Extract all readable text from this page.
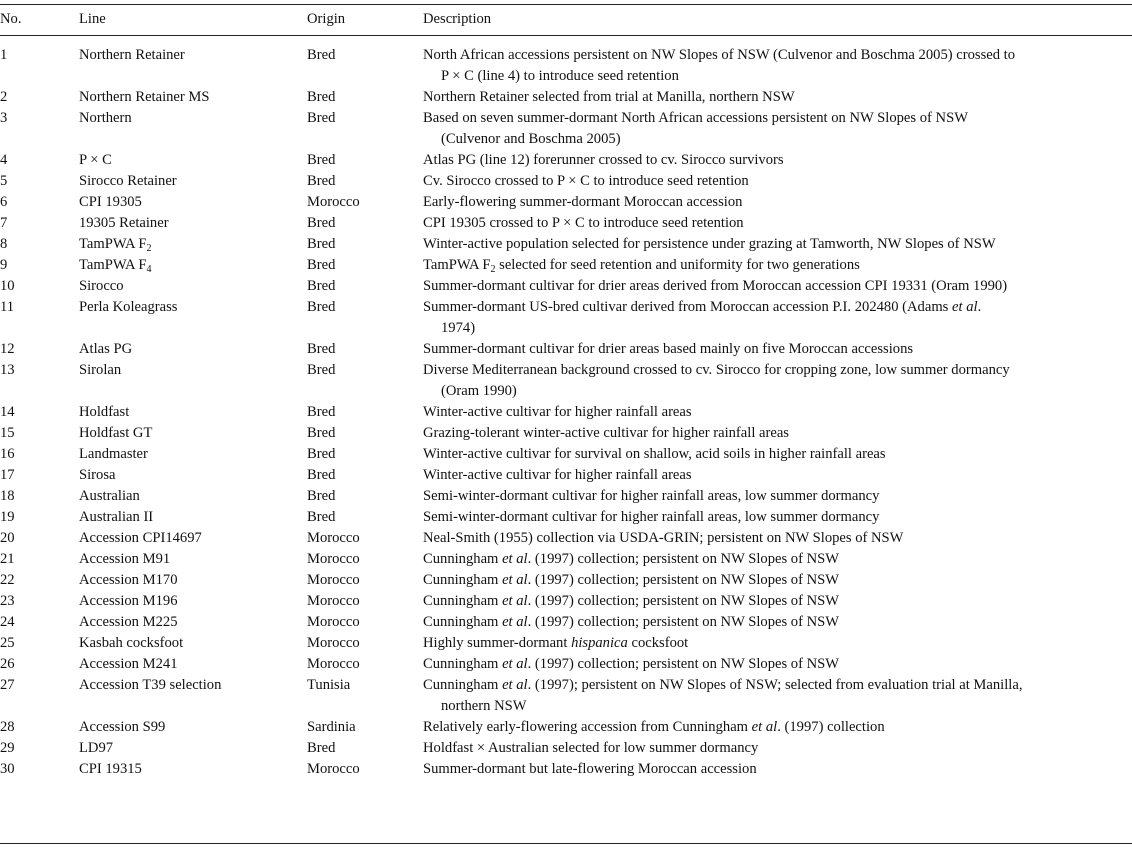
No.	Line	Origin	Description
1	Northern Retainer	Bred	North African accessions persistent on NW Slopes of NSW (Culvenor and Boschma 2005) crossed to
P × C (line 4) to introduce seed retention

2	Northern Retainer MS	Bred	Northern Retainer selected from trial at Manilla, northern NSW

3	Northern	Bred	Based on seven summer-dormant North African accessions persistent on NW Slopes of NSW
(Culvenor and Boschma 2005)

4	P × C	Bred	Atlas PG (line 12) forerunner crossed to cv. Sirocco survivors

5	Sirocco Retainer	Bred	Cv. Sirocco crossed to P × C to introduce seed retention

6	CPI 19305	Morocco	Early-flowering summer-dormant Moroccan accession

7	19305 Retainer	Bred	CPI 19305 crossed to P × C to introduce seed retention

8	TamPWA $F_2$	Bred	Winter-active population selected for persistence under grazing at Tamworth, NW Slopes of NSW

9	TamPWA $F_4$	Bred	TamPWA $F_2$ selected for seed retention and uniformity for two generations

10	Sirocco	Bred	Summer-dormant cultivar for drier areas derived from Moroccan accession CPI 19331 (Oram 1990)

11	Perla Koleagrass	Bred	Summer-dormant US-bred cultivar derived from Moroccan accession P.I. 202480 (Adams et al.
1974)

12	Atlas PG	Bred	Summer-dormant cultivar for drier areas based mainly on five Moroccan accessions

13	Sirolan	Bred	Diverse Mediterranean background crossed to cv. Sirocco for cropping zone, low summer dormancy
(Oram 1990)

14	Holdfast	Bred	Winter-active cultivar for higher rainfall areas

15	Holdfast GT	Bred	Grazing-tolerant winter-active cultivar for higher rainfall areas

16	Landmaster	Bred	Winter-active cultivar for survival on shallow, acid soils in higher rainfall areas

17	Sirosa	Bred	Winter-active cultivar for higher rainfall areas

18	Australian	Bred	Semi-winter-dormant cultivar for higher rainfall areas, low summer dormancy

19	Australian II	Bred	Semi-winter-dormant cultivar for higher rainfall areas, low summer dormancy

20	Accession CPI14697	Morocco	Neal-Smith (1955) collection via USDA-GRIN; persistent on NW Slopes of NSW

21	Accession M91	Morocco	Cunningham et al. (1997) collection; persistent on NW Slopes of NSW

22	Accession M170	Morocco	Cunningham et al. (1997) collection; persistent on NW Slopes of NSW

23	Accession M196	Morocco	Cunningham et al. (1997) collection; persistent on NW Slopes of NSW

24	Accession M225	Morocco	Cunningham et al. (1997) collection; persistent on NW Slopes of NSW

25	Kasbah cocksfoot	Morocco	Highly summer-dormant hispanica cocksfoot

26	Accession M241	Morocco	Cunningham et al. (1997) collection; persistent on NW Slopes of NSW

27	Accession T39 selection	Tunisia	Cunningham et al. (1997); persistent on NW Slopes of NSW; selected from evaluation trial at Manilla,
northern NSW

28	Accession S99	Sardinia	Relatively early-flowering accession from Cunningham et al. (1997) collection

29	LD97	Bred	Holdfast × Australian selected for low summer dormancy

30	CPI 19315	Morocco	Summer-dormant but late-flowering Moroccan accession
